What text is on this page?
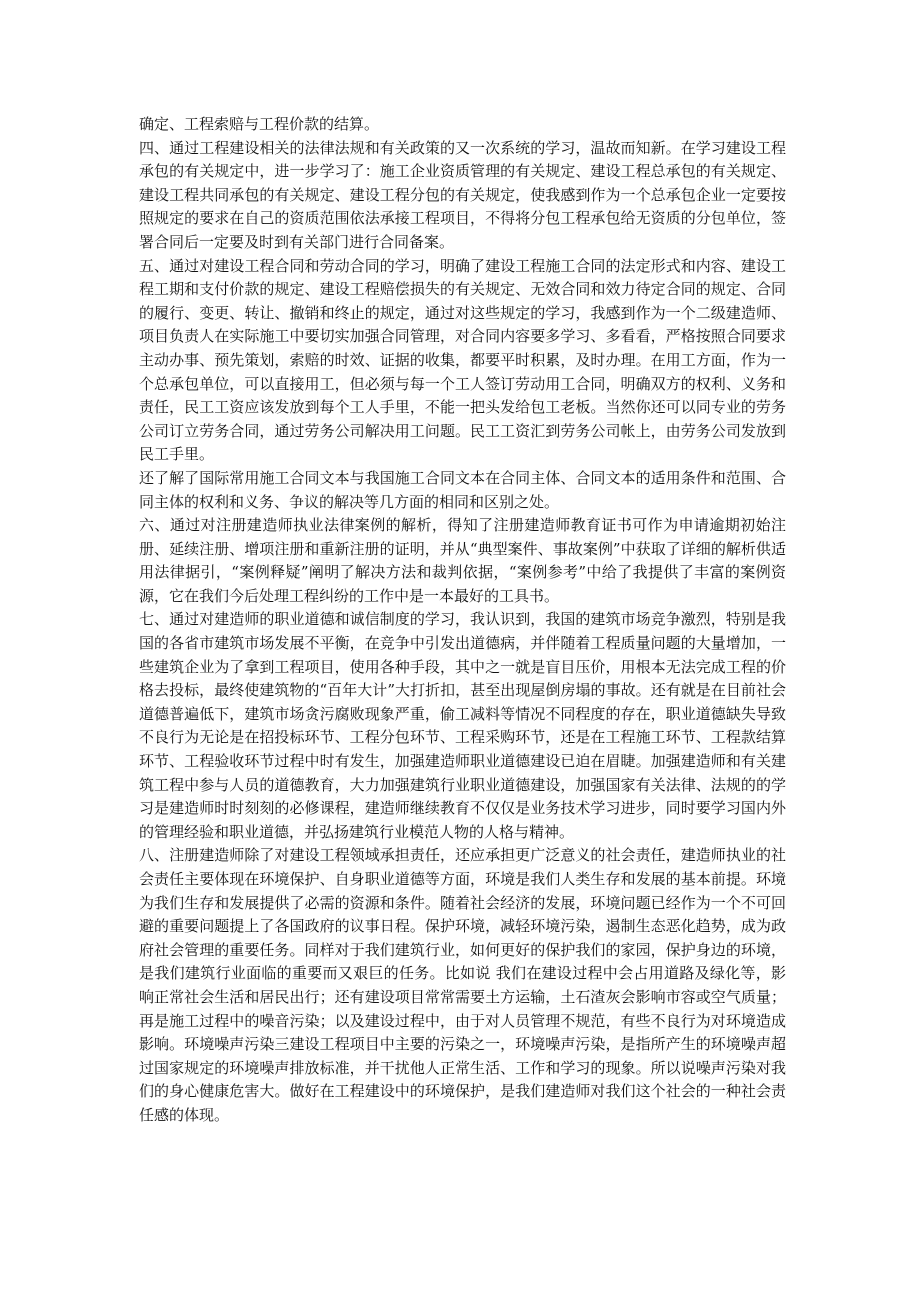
确定、工程索赔与工程价款的结算。

四、通过工程建设相关的法律法规和有关政策的又一次系统的学习，温故而知新。在学习建设工程承包的有关规定中，进一步学习了：施工企业资质管理的有关规定、建设工程总承包的有关规定、建设工程共同承包的有关规定、建设工程分包的有关规定，使我感到作为一个总承包企业一定要按照规定的要求在自己的资质范围依法承接工程项目，不得将分包工程承包给无资质的分包单位，签署合同后一定要及时到有关部门进行合同备案。

五、通过对建设工程合同和劳动合同的学习，明确了建设工程施工合同的法定形式和内容、建设工程工期和支付价款的规定、建设工程赔偿损失的有关规定、无效合同和效力待定合同的规定、合同的履行、变更、转让、撤销和终止的规定，通过对这些规定的学习，我感到作为一个二级建造师、项目负责人在实际施工中要切实加强合同管理，对合同内容要多学习、多看看，严格按照合同要求主动办事、预先策划，索赔的时效、证据的收集，都要平时积累，及时办理。在用工方面，作为一个总承包单位，可以直接用工，但必须与每一个工人签订劳动用工合同，明确双方的权利、义务和责任，民工工资应该发放到每个工人手里，不能一把头发给包工老板。当然你还可以同专业的劳务公司订立劳务合同，通过劳务公司解决用工问题。民工工资汇到劳务公司帐上，由劳务公司发放到民工手里。

还了解了国际常用施工合同文本与我国施工合同文本在合同主体、合同文本的适用条件和范围、合同主体的权利和义务、争议的解决等几方面的相同和区别之处。

六、通过对注册建造师执业法律案例的解析，得知了注册建造师教育证书可作为申请逾期初始注册、延续注册、增项注册和重新注册的证明，并从“典型案件、事故案例”中获取了详细的解析供适用法律据引，“案例释疑”阐明了解决方法和裁判依据，“案例参考”中给了我提供了丰富的案例资源，它在我们今后处理工程纠纷的工作中是一本最好的工具书。

七、通过对建造师的职业道德和诚信制度的学习，我认识到，我国的建筑市场竞争激烈，特别是我国的各省市建筑市场发展不平衡，在竞争中引发出道德病，并伴随着工程质量问题的大量增加，一些建筑企业为了拿到工程项目，使用各种手段，其中之一就是盲目压价，用根本无法完成工程的价格去投标，最终使建筑物的“百年大计”大打折扣，甚至出现屋倒房塌的事故。还有就是在目前社会道德普遍低下，建筑市场贪污腐败现象严重，偷工减料等情况不同程度的存在，职业道德缺失导致不良行为无论是在招投标环节、工程分包环节、工程采购环节，还是在工程施工环节、工程款结算环节、工程验收环节过程中时有发生，加强建造师职业道德建设已迫在眉睫。加强建造师和有关建筑工程中参与人员的道德教育，大力加强建筑行业职业道德建设，加强国家有关法律、法规的的学习是建造师时时刻刻的必修课程，建造师继续教育不仅仅是业务技术学习进步，同时要学习国内外的管理经验和职业道德，并弘扬建筑行业模范人物的人格与精神。

八、注册建造师除了对建设工程领域承担责任，还应承担更广泛意义的社会责任，建造师执业的社会责任主要体现在环境保护、自身职业道德等方面，环境是我们人类生存和发展的基本前提。环境为我们生存和发展提供了必需的资源和条件。随着社会经济的发展，环境问题已经作为一个不可回避的重要问题提上了各国政府的议事日程。保护环境，减轻环境污染，遏制生态恶化趋势，成为政府社会管理的重要任务。同样对于我们建筑行业，如何更好的保护我们的家园，保护身边的环境，是我们建筑行业面临的重要而又艰巨的任务。比如说 我们在建设过程中会占用道路及绿化等，影响正常社会生活和居民出行；还有建设项目常常需要土方运输，土石渣灰会影响市容或空气质量；再是施工过程中的噪音污染；以及建设过程中，由于对人员管理不规范，有些不良行为对环境造成影响。环境噪声污染三建设工程项目中主要的污染之一，环境噪声污染，是指所产生的环境噪声超过国家规定的环境噪声排放标准，并干扰他人正常生活、工作和学习的现象。所以说噪声污染对我们的身心健康危害大。做好在工程建设中的环境保护，是我们建造师对我们这个社会的一种社会责任感的体现。
